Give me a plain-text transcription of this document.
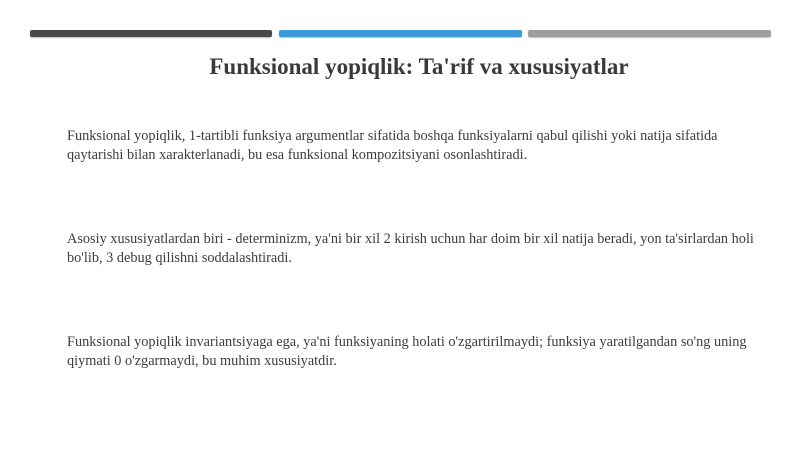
Funksional yopiqlik: Ta'rif va xususiyatlar

Funksional yopiqlik, 1-tartibli funksiya argumentlar sifatida boshqa funksiyalarni qabul qilishi yoki natija sifatida qaytarishi bilan xarakterlanadi, bu esa funksional kompozitsiyani osonlashtiradi.

Asosiy xususiyatlardan biri - determinizm, ya'ni bir xil 2 kirish uchun har doim bir xil natija beradi, yon ta'sirlardan holi bo'lib, 3 debug qilishni soddalashtiradi.

Funksional yopiqlik invariantsiyaga ega, ya'ni funksiyaning holati o'zgartirilmaydi; funksiya yaratilgandan so'ng uning qiymati 0 o'zgarmaydi, bu muhim xususiyatdir.
